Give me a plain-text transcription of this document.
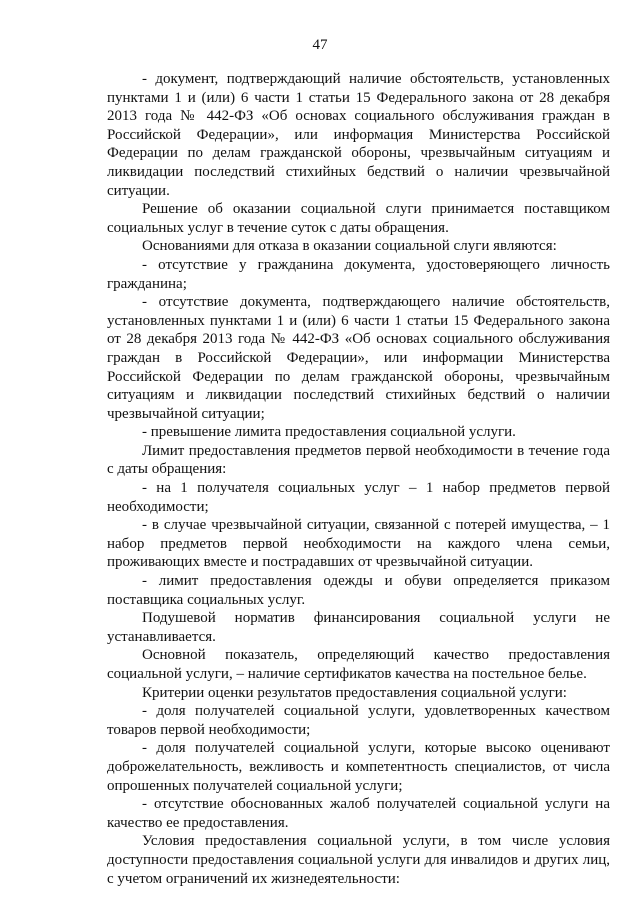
47

- документ, подтверждающий наличие обстоятельств, установленных пунктами 1 и (или) 6 части 1 статьи 15 Федерального закона от 28 декабря 2013 года № 442-ФЗ «Об основах социального обслуживания граждан в Российской Федерации», или информация Министерства Российской Федерации по делам гражданской обороны, чрезвычайным ситуациям и ликвидации последствий стихийных бедствий о наличии чрезвычайной ситуации.

Решение об оказании социальной слуги принимается поставщиком социальных услуг в течение суток с даты обращения.

Основаниями для отказа в оказании социальной слуги являются:

- отсутствие у гражданина документа, удостоверяющего личность гражданина;

- отсутствие документа, подтверждающего наличие обстоятельств, установленных пунктами 1 и (или) 6 части 1 статьи 15 Федерального закона от 28 декабря 2013 года № 442-ФЗ «Об основах социального обслуживания граждан в Российской Федерации», или информации Министерства Российской Федерации по делам гражданской обороны, чрезвычайным ситуациям и ликвидации последствий стихийных бедствий о наличии чрезвычайной ситуации;

- превышение лимита предоставления социальной услуги.

Лимит предоставления предметов первой необходимости в течение года с даты обращения:

- на 1 получателя социальных услуг – 1 набор предметов первой необходимости;

- в случае чрезвычайной ситуации, связанной с потерей имущества, – 1 набор предметов первой необходимости на каждого члена семьи, проживающих вместе и пострадавших от чрезвычайной ситуации.

- лимит предоставления одежды и обуви определяется приказом поставщика социальных услуг.

Подушевой норматив финансирования социальной услуги не устанавливается.

Основной показатель, определяющий качество предоставления социальной услуги, – наличие сертификатов качества на постельное белье.

Критерии оценки результатов предоставления социальной услуги:

- доля получателей социальной услуги, удовлетворенных качеством товаров первой необходимости;

- доля получателей социальной услуги, которые высоко оценивают доброжелательность, вежливость и компетентность специалистов, от числа опрошенных получателей социальной услуги;

- отсутствие обоснованных жалоб получателей социальной услуги на качество ее предоставления.

Условия предоставления социальной услуги, в том числе условия доступности предоставления социальной услуги для инвалидов и других лиц, с учетом ограничений их жизнедеятельности:
